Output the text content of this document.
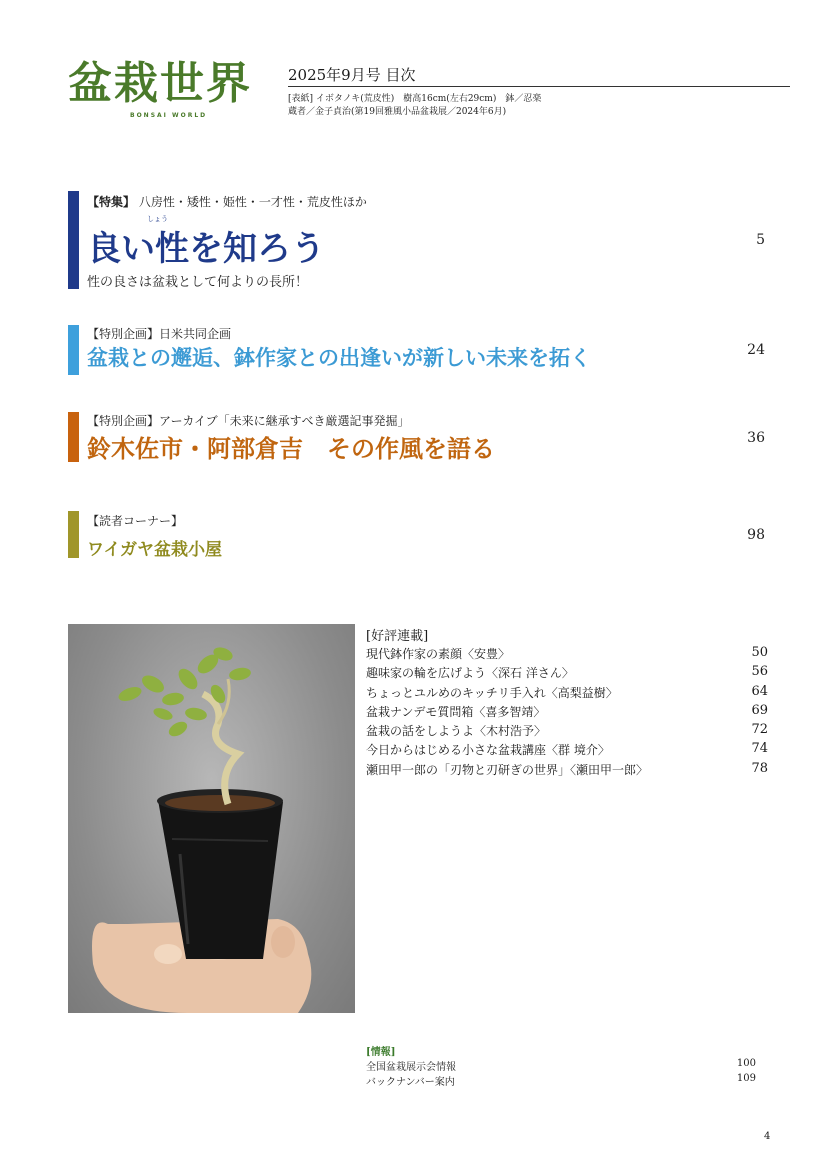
盆栽世界
BONSAI WORLD
2025年9月号 目次
[表紙] イボタノキ(荒皮性)　樹高16cm(左右29cm)　鉢／忍楽
蔵者／金子貞治(第19回雅風小品盆栽展／2024年6月)
【特集】 八房性・矮性・姫性・一才性・荒皮性ほか
しょう
良い性を知ろう
性の良さは盆栽として何よりの長所！
5
【特別企画】日米共同企画
盆栽との邂逅、鉢作家との出逢いが新しい未来を拓く	24
【特別企画】アーカイブ「未来に継承すべき厳選記事発掘」
鈴木佐市・阿部倉吉　その作風を語る	36
【読者コーナー】
ワイガヤ盆栽小屋
98
[好評連載]
現代鉢作家の素顔〈安豊〉	50
趣味家の輪を広げよう〈深石 洋さん〉	56
ちょっとユルめのキッチリ手入れ〈高梨益樹〉	64
盆栽ナンデモ質問箱〈喜多智靖〉	69
盆栽の話をしようよ〈木村浩予〉	72
今日からはじめる小さな盆栽講座〈群 境介〉	74
瀬田甲一郎の「刃物と刃研ぎの世界」〈瀬田甲一郎〉	78
[情報]
全国盆栽展示会情報	100
バックナンバー案内	109
4
